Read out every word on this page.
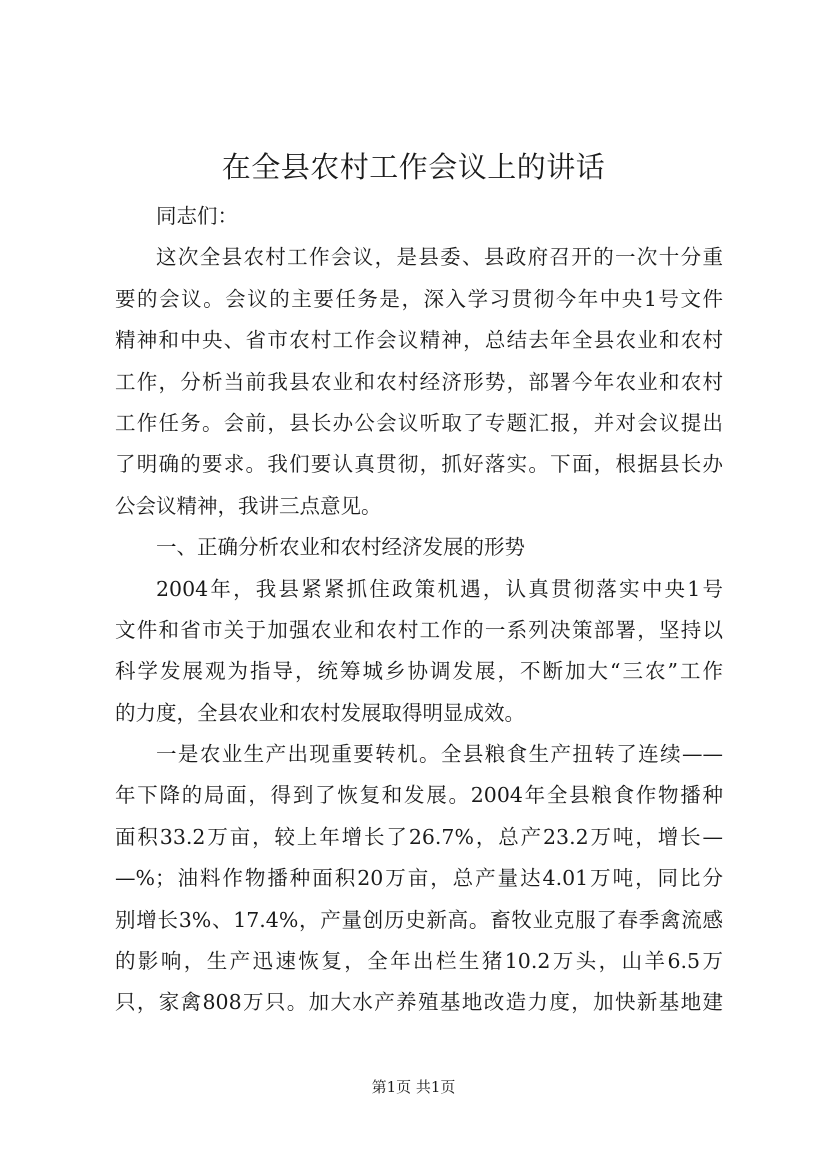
在全县农村工作会议上的讲话
同志们：
这次全县农村工作会议，是县委、县政府召开的一次十分重
要的会议。会议的主要任务是，深入学习贯彻今年中央1号文件
精神和中央、省市农村工作会议精神，总结去年全县农业和农村
工作，分析当前我县农业和农村经济形势，部署今年农业和农村
工作任务。会前，县长办公会议听取了专题汇报，并对会议提出
了明确的要求。我们要认真贯彻，抓好落实。下面，根据县长办
公会议精神，我讲三点意见。
一、正确分析农业和农村经济发展的形势
2004年，我县紧紧抓住政策机遇，认真贯彻落实中央1号
文件和省市关于加强农业和农村工作的一系列决策部署，坚持以
科学发展观为指导，统筹城乡协调发展，不断加大“三农”工作
的力度，全县农业和农村发展取得明显成效。
一是农业生产出现重要转机。全县粮食生产扭转了连续——
年下降的局面，得到了恢复和发展。2004年全县粮食作物播种
面积33.2万亩，较上年增长了26.7%，总产23.2万吨，增长—
—%；油料作物播种面积20万亩，总产量达4.01万吨，同比分
别增长3%、17.4%，产量创历史新高。畜牧业克服了春季禽流感
的影响，生产迅速恢复，全年出栏生猪10.2万头，山羊6.5万
只，家禽808万只。加大水产养殖基地改造力度，加快新基地建
第1页 共1页
